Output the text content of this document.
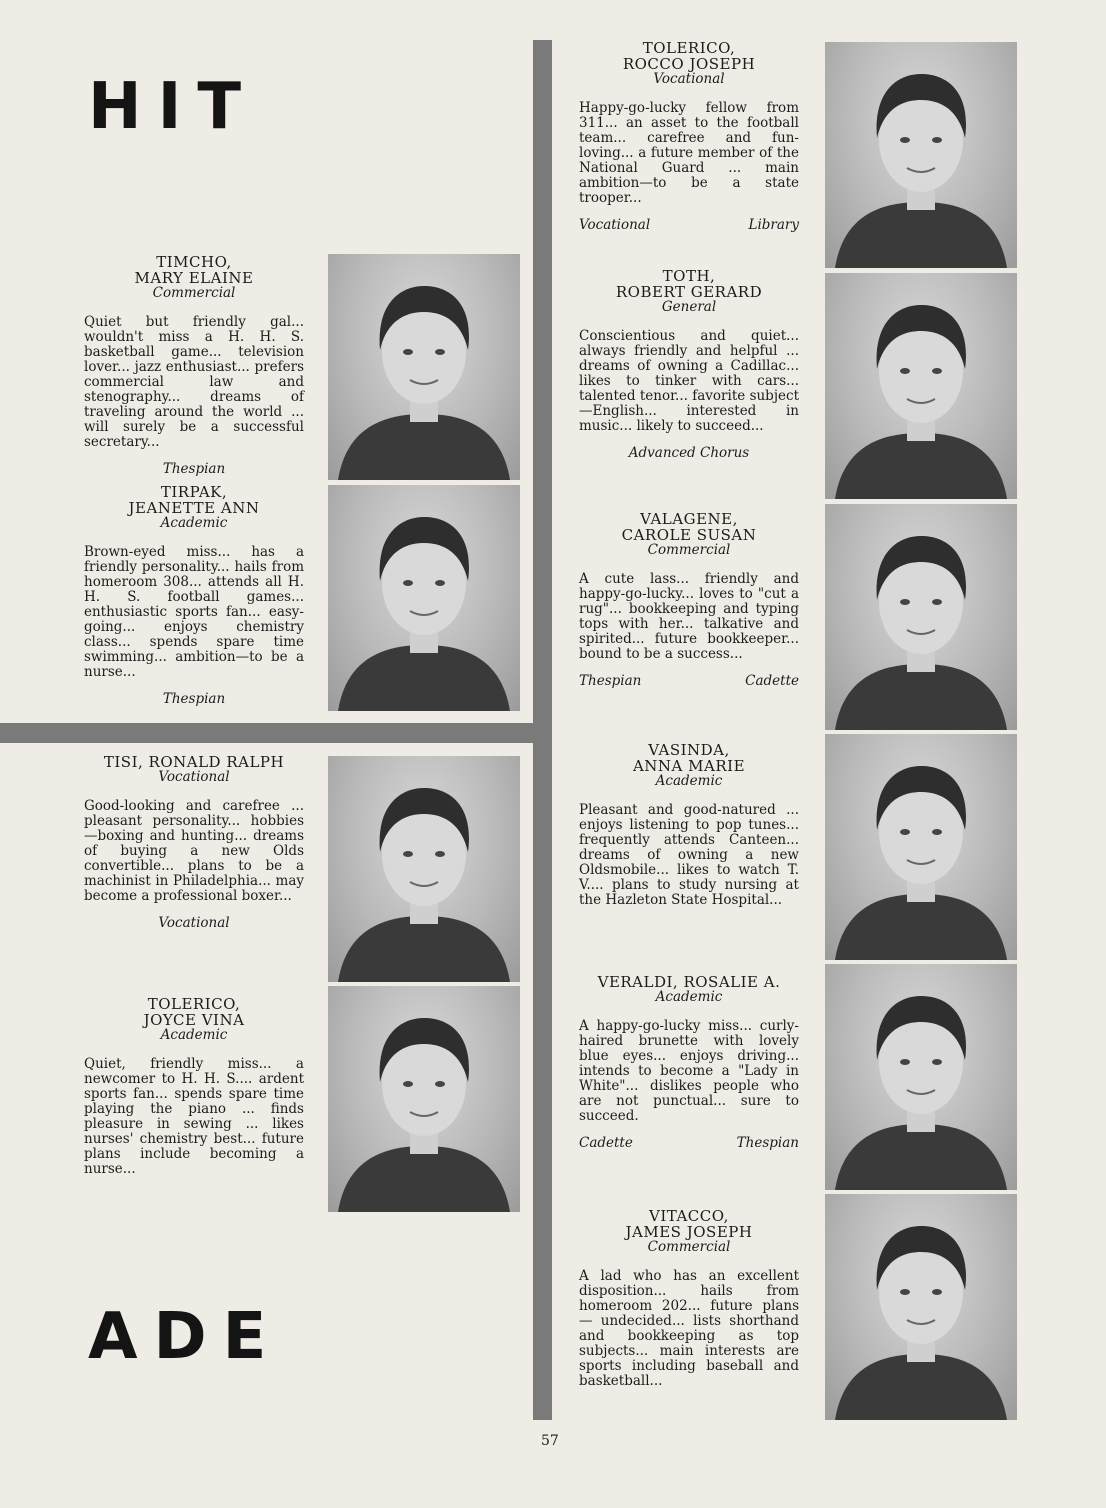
HIT
ADE
TIMCHO,
MARY ELAINE
Commercial
Quiet but friendly gal... wouldn't miss a H. H. S. basketball game... television lover... jazz enthusiast... prefers commercial law and stenography... dreams of traveling around the world ... will surely be a successful secretary...
Thespian
TIRPAK,
JEANETTE ANN
Academic
Brown-eyed miss... has a friendly personality... hails from homeroom 308... attends all H. H. S. football games... enthusiastic sports fan... easy-going... enjoys chemistry class... spends spare time swimming... ambition—to be a nurse...
Thespian
TISI, RONALD RALPH
Vocational
Good-looking and carefree ... pleasant personality... hobbies—boxing and hunting... dreams of buying a new Olds convertible... plans to be a machinist in Philadelphia... may become a professional boxer...
Vocational
TOLERICO,
JOYCE VINA
Academic
Quiet, friendly miss... a newcomer to H. H. S.... ardent sports fan... spends spare time playing the piano ... finds pleasure in sewing ... likes nurses' chemistry best... future plans include becoming a nurse...
TOLERICO,
ROCCO JOSEPH
Vocational
Happy-go-lucky fellow from 311... an asset to the football team... carefree and fun-loving... a future member of the National Guard ... main ambition—to be a state trooper...
Vocational	Library
TOTH,
ROBERT GERARD
General
Conscientious and quiet... always friendly and helpful ... dreams of owning a Cadillac... likes to tinker with cars... talented tenor... favorite subject—English... interested in music... likely to succeed...
Advanced Chorus
VALAGENE,
CAROLE SUSAN
Commercial
A cute lass... friendly and happy-go-lucky... loves to "cut a rug"... bookkeeping and typing tops with her... talkative and spirited... future bookkeeper... bound to be a success...
Thespian	Cadette
VASINDA,
ANNA MARIE
Academic
Pleasant and good-natured ... enjoys listening to pop tunes... frequently attends Canteen... dreams of owning a new Oldsmobile... likes to watch T. V.... plans to study nursing at the Hazleton State Hospital...
VERALDI, ROSALIE A.
Academic
A happy-go-lucky miss... curly-haired brunette with lovely blue eyes... enjoys driving... intends to become a "Lady in White"... dislikes people who are not punctual... sure to succeed.
Cadette	Thespian
VITACCO,
JAMES JOSEPH
Commercial
A lad who has an excellent disposition... hails from homeroom 202... future plans — undecided... lists shorthand and bookkeeping as top subjects... main interests are sports including baseball and basketball...
57
